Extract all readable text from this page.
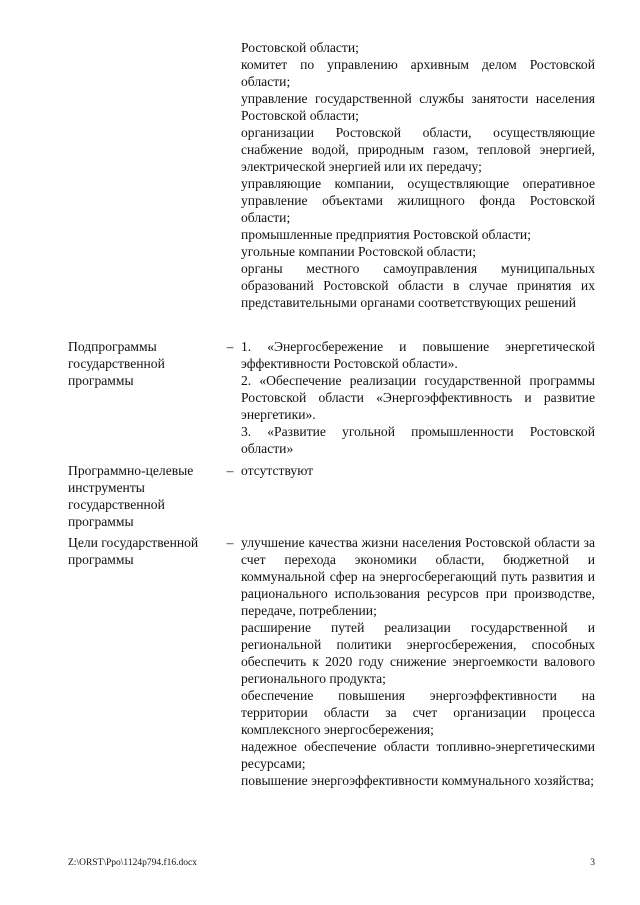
Ростовской области;

комитет по управлению архивным делом Ростовской области;

управление государственной службы занятости населения Ростовской области;

организации Ростовской области, осуществляющие снабжение водой, природным газом, тепловой энергией, электрической энергией или их передачу;

управляющие компании, осуществляющие оперативное управление объектами жилищного фонда Ростовской области;

промышленные предприятия Ростовской области;

угольные компании Ростовской области;

органы местного самоуправления муниципальных образований Ростовской области в случае принятия их представительными органами соответствующих решений

Подпрограммы государственной программы
– 1. «Энергосбережение и повышение энергетической эффективности Ростовской области».

2. «Обеспечение реализации государственной программы Ростовской области «Энергоэффективность и развитие энергетики».

3. «Развитие угольной промышленности Ростовской области»

Программно-целевые инструменты государственной программы
– отсутствуют

Цели государственной программы
– улучшение качества жизни населения Ростовской области за счет перехода экономики области, бюджетной и коммунальной сфер на энергосберегающий путь развития и рационального использования ресурсов при производстве, передаче, потреблении;

расширение путей реализации государственной и региональной политики энергосбережения, способных обеспечить к 2020 году снижение энергоемкости валового регионального продукта;

обеспечение повышения энергоэффективности на территории области за счет организации процесса комплексного энергосбережения;

надежное обеспечение области топливно-энергетическими ресурсами;

повышение энергоэффективности коммунального хозяйства;

Z:\ORST\Ppo\1124p794.f16.docx	3
